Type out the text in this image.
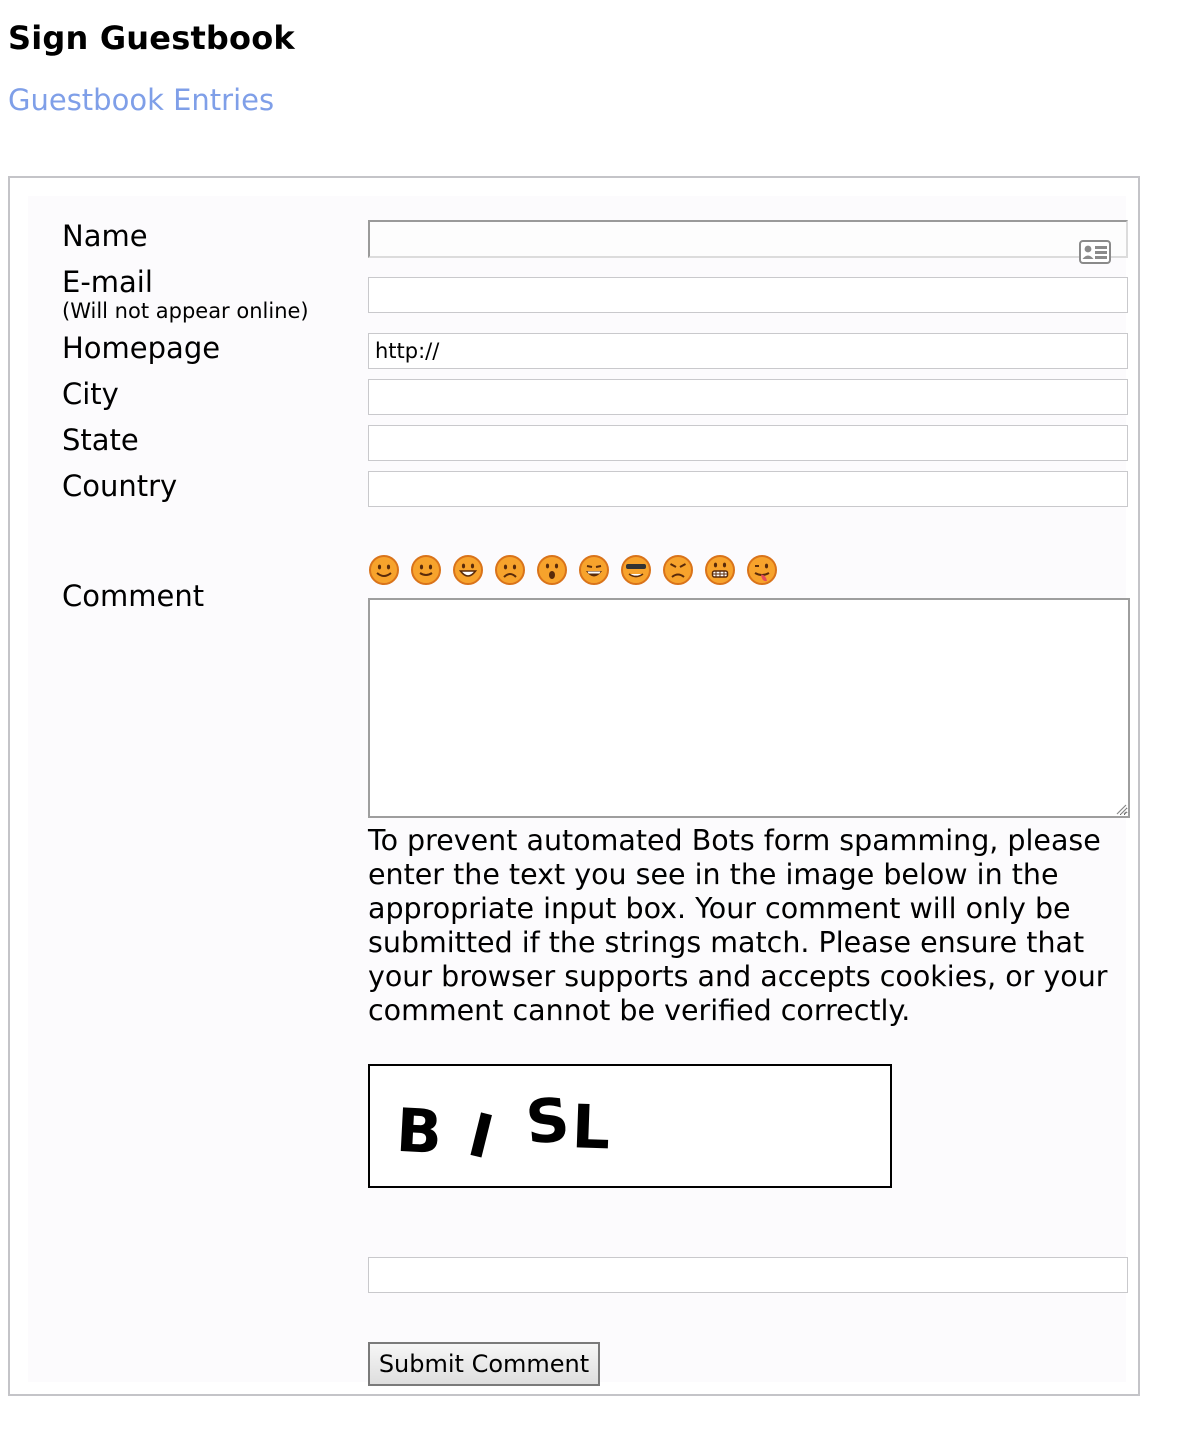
Sign Guestbook
Guestbook Entries
Name
E-mail
(Will not appear online)
Homepage
http://
City
State
Country
Comment

To prevent automated Bots form spamming, please enter the text you see in the image below in the appropriate input box. Your comment will only be submitted if the strings match. Please ensure that your browser supports and accepts cookies, or your comment cannot be verified correctly.

B I S
L
Submit Comment
